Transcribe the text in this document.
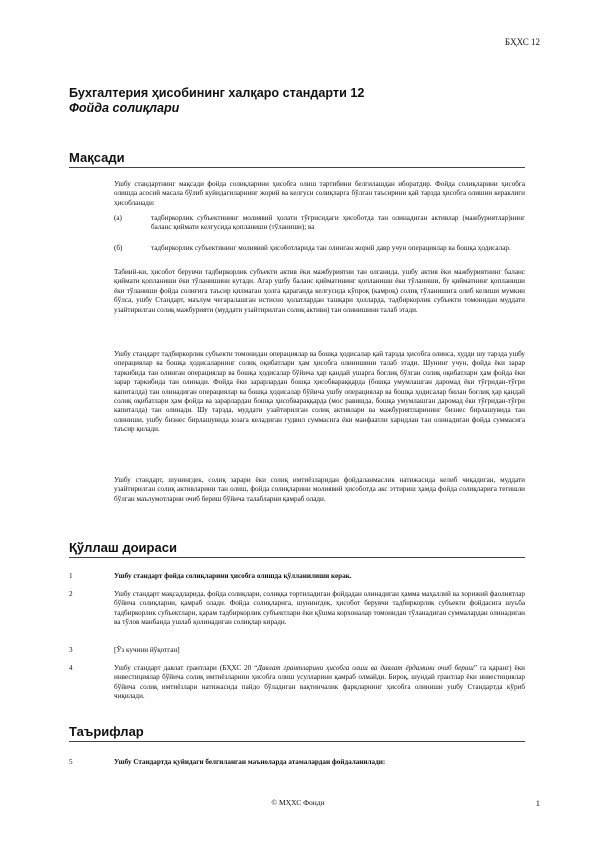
БҲХС 12
Бухгалтерия ҳисобининг халқаро стандарти 12
Фойда солиқлари
Мақсади

Ушбу стандартнинг мақсади фойда солиқларини ҳисобга олиш тартибини белгилашдан иборатдир. Фойда солиқларини ҳисобга олишда асосий масала бўлиб куйидагиларнинг жорий ва келгуси солиқларга бўлган таъсирини қай тарзда ҳисобга олишни кераклиги ҳисобланади:

(а)	тадбиркорлик субъектининг молиявий ҳолати тўғрисидаги ҳисоботда тан олинадиган активлар (мажбуриятлар)нинг баланс қиймати келгусида қопланиши (тўланиши); ва
(б)	тадбиркорлик субъектининг молиявий ҳисоботларида тан олинган жорий давр учун операциялар ва бошқа ҳодисалар.

Табиий-ки, ҳисобот берувчи тадбиркорлик субъекти актив ёки мажбуриятни тан олганида, ушбу актив ёки мажбуриятнинг баланс қиймати қопланиши ёки тўланишини кутади. Агар ушбу баланс қийматининг қопланиши ёки тўланиши, бу қийматнинг қопланиши ёки тўланиши фойда солиғига таъсир қилмаган ҳолга қараганда келгусида кўпроқ (камроқ) солиқ тўланишига олиб келиши мумкин бўлса, ушбу Стандарт, маълум чегаралашган истисно ҳолатлардан ташқари ҳолларда, тадбиркорлик субъекти томонидан муддати узайтирилган солиқ мажбурияти (муддати узайтирилган солиқ активи) тан олинишини талаб этади.

Ушбу стандарт тадбиркорлик субъекти томонидан операциялар ва бошқа ҳодисалар қай тарзда ҳисобга олинса, худди шу тарзда ушбу операциялар ва бошқа ҳодисаларнинг солиқ оқибатлари ҳам ҳисобга олинишини талаб этади. Шунинг учун, фойда ёки зарар таркибида тан олинган операциялар ва бошқа ҳодисалар бўйича ҳар қандай ушарга боғлиқ бўлган солиқ оқибатлари ҳам фойда ёки зарар таркибида тан олинади. Фойда ёки зарарлардан бошқа ҳисобвараққарда (бошқа умумлашган даромад ёки тўғридан-тўғри капиталда) тан олинадиган операциялар ва бошқа ҳодисалар бўйича ушбу операциялар ва бошқа ҳодисалар билан боғлиқ ҳар қандай солиқ оқибатлари ҳам фойда ва зарарлардан бошқа ҳисобвараққарда (мос равишда, бошқа умумлашган даромад ёки тўғридан-тўғри капиталда) тан олинади. Шу тарзда, муддати узайтирилган солиқ активлари ва мажбуриятларининг бизнес бирлашувида тан олиниши, ушбу бизнес бирлашувида юзага келадиган гудвил суммасига ёки манфаатли харидлан тан олинадиган фойда суммасига таъсир қилади.

Ушбу стандарт, шунингдек, солиқ зарари ёки солиқ имтиёзларидан фойдаланмаслик натижасида келиб чиқадиган, муддати узайтирилган солиқ активларини тан олиш, фойда солиқларини молиявий ҳисоботда акс эттириш ҳамда фойда солиқларига тегишли бўлган маълумотларни очиб бериш бўйича талабларни қамраб олади.

Қўллаш доираси
1	Ушбу стандарт фойда солиқларини ҳисобга олишда қўлланилиши керак.
2	Ушбу стандарт мақсадларида, фойда солиқлари, солиққа тортиладиган фойдадан олинадиган ҳамма маҳаллий ва хорижий фаолиятлар бўйича солиқларни, қамраб олади. Фойда солиқларига, шунингдек, ҳисобот берувчи тадбиркорлик субъекти фойдасига шуъба тадбиркорлик субъектлари, қарам тадбиркорлик субъектлари ёки қўшма корхоналар томонидан тўланадиган суммалардан олинадиган ва тўлов манбаида ушлаб қолинадиган солиқлар киради.
3	[Ўз кучини йўқотган]
4	Ушбу стандарт давлат грантлари (БҲХС 20 “Давлат грантларини ҳисобга олиш ва давлат ёрдамини очиб бериш” га қаранг) ёки инвестициялар бўйича солиқ имтиёзларини ҳисобга олиш усулларини қамраб олмайди. Бироқ, шундай грантлар ёки инвестициялар бўйича солиқ имтиёзлари натижасида пайдо бўладиган вақтинчалик фарқларнинг ҳисобга олиниши ушбу Стандартда кўриб чиқилади.
Таърифлар
5	Ушбу Стандартда қуйидаги белгиланган маъноларда атамалардан фойдаланилади:
© МҲХС Фонди	1
